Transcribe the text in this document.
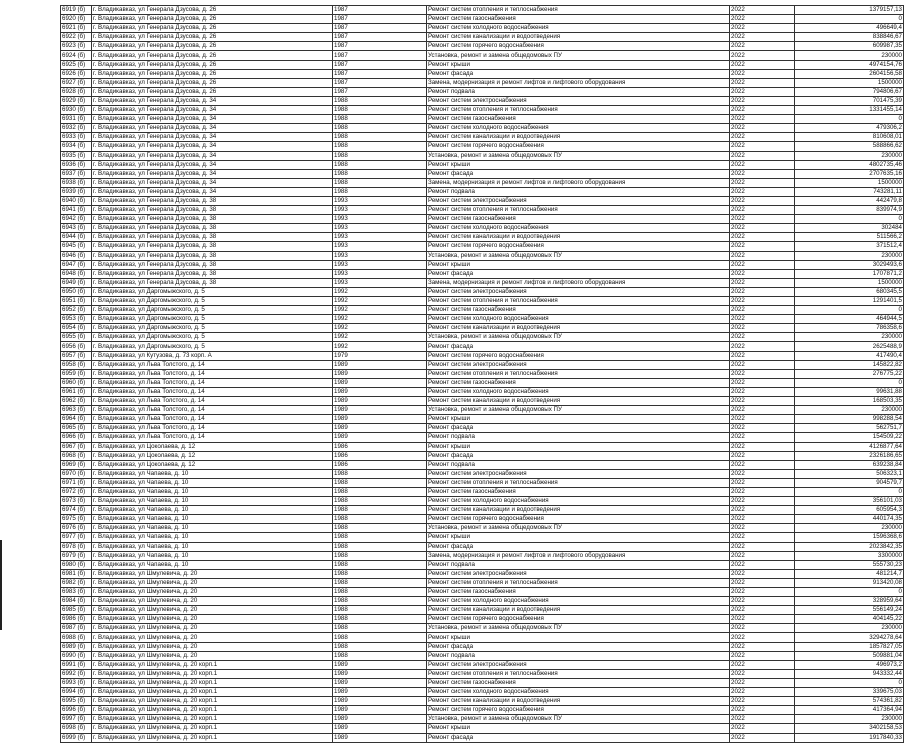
6919 (б)	г. Владикавказ, ул Генерала Дзусова, д. 26	1987	Ремонт систем отопления и теплоснабжения	2022	1379157,13
6920 (б)	г. Владикавказ, ул Генерала Дзусова, д. 26	1987	Ремонт систем газоснабжения	2022	0
6921 (б)	г. Владикавказ, ул Генерала Дзусова, д. 26	1987	Ремонт систем холодного водоснабжения	2022	496649,4
6922 (б)	г. Владикавказ, ул Генерала Дзусова, д. 26	1987	Ремонт систем канализации и водоотведения	2022	838846,67
6923 (б)	г. Владикавказ, ул Генерала Дзусова, д. 26	1987	Ремонт систем горячего водоснабжения	2022	609987,35
6924 (б)	г. Владикавказ, ул Генерала Дзусова, д. 26	1987	Установка, ремонт и замена общедомовых ПУ	2022	230000
6925 (б)	г. Владикавказ, ул Генерала Дзусова, д. 26	1987	Ремонт крыши	2022	4974154,76
6926 (б)	г. Владикавказ, ул Генерала Дзусова, д. 26	1987	Ремонт фасада	2022	2604156,58
6927 (б)	г. Владикавказ, ул Генерала Дзусова, д. 26	1987	Замена, модернизация и ремонт лифтов и лифтового оборудования	2022	1500000
6928 (б)	г. Владикавказ, ул Генерала Дзусова, д. 26	1987	Ремонт подвала	2022	794806,67
6929 (б)	г. Владикавказ, ул Генерала Дзусова, д. 34	1988	Ремонт систем электроснабжения	2022	701475,39
6930 (б)	г. Владикавказ, ул Генерала Дзусова, д. 34	1988	Ремонт систем отопления и теплоснабжения	2022	1331455,14
6931 (б)	г. Владикавказ, ул Генерала Дзусова, д. 34	1988	Ремонт систем газоснабжения	2022	0
6932 (б)	г. Владикавказ, ул Генерала Дзусова, д. 34	1988	Ремонт систем холодного водоснабжения	2022	479306,2
6933 (б)	г. Владикавказ, ул Генерала Дзусова, д. 34	1988	Ремонт систем канализации и водоотведения	2022	810608,01
6934 (б)	г. Владикавказ, ул Генерала Дзусова, д. 34	1988	Ремонт систем горячего водоснабжения	2022	588866,62
6935 (б)	г. Владикавказ, ул Генерала Дзусова, д. 34	1988	Установка, ремонт и замена общедомовых ПУ	2022	230000
6936 (б)	г. Владикавказ, ул Генерала Дзусова, д. 34	1988	Ремонт крыши	2022	4802735,46
6937 (б)	г. Владикавказ, ул Генерала Дзусова, д. 34	1988	Ремонт фасада	2022	2707635,16
6938 (б)	г. Владикавказ, ул Генерала Дзусова, д. 34	1988	Замена, модернизация и ремонт лифтов и лифтового оборудования	2022	1500000
6939 (б)	г. Владикавказ, ул Генерала Дзусова, д. 34	1988	Ремонт подвала	2022	743281,11
6940 (б)	г. Владикавказ, ул Генерала Дзусова, д. 38	1993	Ремонт систем электроснабжения	2022	442479,8
6941 (б)	г. Владикавказ, ул Генерала Дзусова, д. 38	1993	Ремонт систем отопления и теплоснабжения	2022	839974,9
6942 (б)	г. Владикавказ, ул Генерала Дзусова, д. 38	1993	Ремонт систем газоснабжения	2022	0
6943 (б)	г. Владикавказ, ул Генерала Дзусова, д. 38	1993	Ремонт систем холодного водоснабжения	2022	302484
6944 (б)	г. Владикавказ, ул Генерала Дзусова, д. 38	1993	Ремонт систем канализации и водоотведения	2022	511566,2
6945 (б)	г. Владикавказ, ул Генерала Дзусова, д. 38	1993	Ремонт систем горячего водоснабжения	2022	371512,4
6946 (б)	г. Владикавказ, ул Генерала Дзусова, д. 38	1993	Установка, ремонт и замена общедомовых ПУ	2022	230000
6947 (б)	г. Владикавказ, ул Генерала Дзусова, д. 38	1993	Ремонт крыши	2022	3029493,6
6948 (б)	г. Владикавказ, ул Генерала Дзусова, д. 38	1993	Ремонт фасада	2022	1707871,2
6949 (б)	г. Владикавказ, ул Генерала Дзусова, д. 38	1993	Замена, модернизация и ремонт лифтов и лифтового оборудования	2022	1500000
6950 (б)	г. Владикавказ, ул Даргомыжского, д. 5	1992	Ремонт систем электроснабжения	2022	680345,5
6951 (б)	г. Владикавказ, ул Даргомыжского, д. 5	1992	Ремонт систем отопления и теплоснабжения	2022	1291401,5
6952 (б)	г. Владикавказ, ул Даргомыжского, д. 5	1992	Ремонт систем газоснабжения	2022	0
6953 (б)	г. Владикавказ, ул Даргомыжского, д. 5	1992	Ремонт систем холодного водоснабжения	2022	464944,5
6954 (б)	г. Владикавказ, ул Даргомыжского, д. 5	1992	Ремонт систем канализации и водоотведения	2022	786358,6
6955 (б)	г. Владикавказ, ул Даргомыжского, д. 5	1992	Установка, ремонт и замена общедомовых ПУ	2022	230000
6956 (б)	г. Владикавказ, ул Даргомыжского, д. 5	1992	Ремонт фасада	2022	2625488,9
6957 (б)	г. Владикавказ, ул Кутузова, д. 73 корп. А	1979	Ремонт систем горячего водоснабжения	2022	417490,4
6958 (б)	г. Владикавказ, ул Льва Толстого, д. 14	1989	Ремонт систем электроснабжения	2022	145822,82
6959 (б)	г. Владикавказ, ул Льва Толстого, д. 14	1989	Ремонт систем отопления и теплоснабжения	2022	276775,22
6960 (б)	г. Владикавказ, ул Льва Толстого, д. 14	1989	Ремонт систем газоснабжения	2022	0
6961 (б)	г. Владикавказ, ул Льва Толстого, д. 14	1989	Ремонт систем холодного водоснабжения	2022	99631,88
6962 (б)	г. Владикавказ, ул Льва Толстого, д. 14	1989	Ремонт систем канализации и водоотведения	2022	168503,35
6963 (б)	г. Владикавказ, ул Льва Толстого, д. 14	1989	Установка, ремонт и замена общедомовых ПУ	2022	230000
6964 (б)	г. Владикавказ, ул Льва Толстого, д. 14	1989	Ремонт крыши	2022	998288,54
6965 (б)	г. Владикавказ, ул Льва Толстого, д. 14	1989	Ремонт фасада	2022	562751,7
6966 (б)	г. Владикавказ, ул Льва Толстого, д. 14	1989	Ремонт подвала	2022	154509,22
6967 (б)	г. Владикавказ, ул Цоколаева, д. 12	1986	Ремонт крыши	2022	4126877,64
6968 (б)	г. Владикавказ, ул Цоколаева, д. 12	1986	Ремонт фасада	2022	2326186,65
6969 (б)	г. Владикавказ, ул Цоколаева, д. 12	1986	Ремонт подвала	2022	639238,84
6970 (б)	г. Владикавказ, ул Чапаева, д. 10	1988	Ремонт систем электроснабжения	2022	506323,1
6971 (б)	г. Владикавказ, ул Чапаева, д. 10	1988	Ремонт систем отопления и теплоснабжения	2022	904579,7
6972 (б)	г. Владикавказ, ул Чапаева, д. 10	1988	Ремонт систем газоснабжения	2022	0
6973 (б)	г. Владикавказ, ул Чапаева, д. 10	1988	Ремонт систем холодного водоснабжения	2022	356101,03
6974 (б)	г. Владикавказ, ул Чапаева, д. 10	1988	Ремонт систем канализации и водоотведения	2022	605954,3
6975 (б)	г. Владикавказ, ул Чапаева, д. 10	1988	Ремонт систем горячего водоснабжения	2022	440174,35
6976 (б)	г. Владикавказ, ул Чапаева, д. 10	1988	Установка, ремонт и замена общедомовых ПУ	2022	230000
6977 (б)	г. Владикавказ, ул Чапаева, д. 10	1988	Ремонт крыши	2022	1596368,6
6978 (б)	г. Владикавказ, ул Чапаева, д. 10	1988	Ремонт фасада	2022	2023842,35
6979 (б)	г. Владикавказ, ул Чапаева, д. 10	1988	Замена, модернизация и ремонт лифтов и лифтового оборудования	2022	3300000
6980 (б)	г. Владикавказ, ул Чапаева, д. 10	1988	Ремонт подвала	2022	555730,23
6981 (б)	г. Владикавказ, ул Шмулевича, д. 20	1988	Ремонт систем электроснабжения	2022	481214,7
6982 (б)	г. Владикавказ, ул Шмулевича, д. 20	1988	Ремонт систем отопления и теплоснабжения	2022	913420,08
6983 (б)	г. Владикавказ, ул Шмулевича, д. 20	1988	Ремонт систем газоснабжения	2022	0
6984 (б)	г. Владикавказ, ул Шмулевича, д. 20	1988	Ремонт систем холодного водоснабжения	2022	328959,64
6985 (б)	г. Владикавказ, ул Шмулевича, д. 20	1988	Ремонт систем канализации и водоотведения	2022	556149,24
6986 (б)	г. Владикавказ, ул Шмулевича, д. 20	1988	Ремонт систем горячего водоснабжения	2022	404145,22
6987 (б)	г. Владикавказ, ул Шмулевича, д. 20	1988	Установка, ремонт и замена общедомовых ПУ	2022	230000
6988 (б)	г. Владикавказ, ул Шмулевича, д. 20	1988	Ремонт крыши	2022	3294278,64
6989 (б)	г. Владикавказ, ул Шмулевича, д. 20	1988	Ремонт фасада	2022	1857827,05
6990 (б)	г. Владикавказ, ул Шмулевича, д. 20	1988	Ремонт подвала	2022	509881,04
6991 (б)	г. Владикавказ, ул Шмулевича, д. 20 корп.1	1989	Ремонт систем электроснабжения	2022	496973,2
6992 (б)	г. Владикавказ, ул Шмулевича, д. 20 корп.1	1989	Ремонт систем отопления и теплоснабжения	2022	943332,44
6993 (б)	г. Владикавказ, ул Шмулевича, д. 20 корп.1	1989	Ремонт систем газоснабжения	2022	0
6994 (б)	г. Владикавказ, ул Шмулевича, д. 20 корп.1	1989	Ремонт систем холодного водоснабжения	2022	339675,03
6995 (б)	г. Владикавказ, ул Шмулевича, д. 20 корп.1	1989	Ремонт систем канализации и водоотведения	2022	574361,82
6996 (б)	г. Владикавказ, ул Шмулевича, д. 20 корп.1	1989	Ремонт систем горячего водоснабжения	2022	417364,94
6997 (б)	г. Владикавказ, ул Шмулевича, д. 20 корп.1	1989	Установка, ремонт и замена общедомовых ПУ	2022	230000
6998 (б)	г. Владикавказ, ул Шмулевича, д. 20 корп.1	1989	Ремонт крыши	2022	3402158,53
6999 (б)	г. Владикавказ, ул Шмулевича, д. 20 корп.1	1989	Ремонт фасада	2022	1917840,33
